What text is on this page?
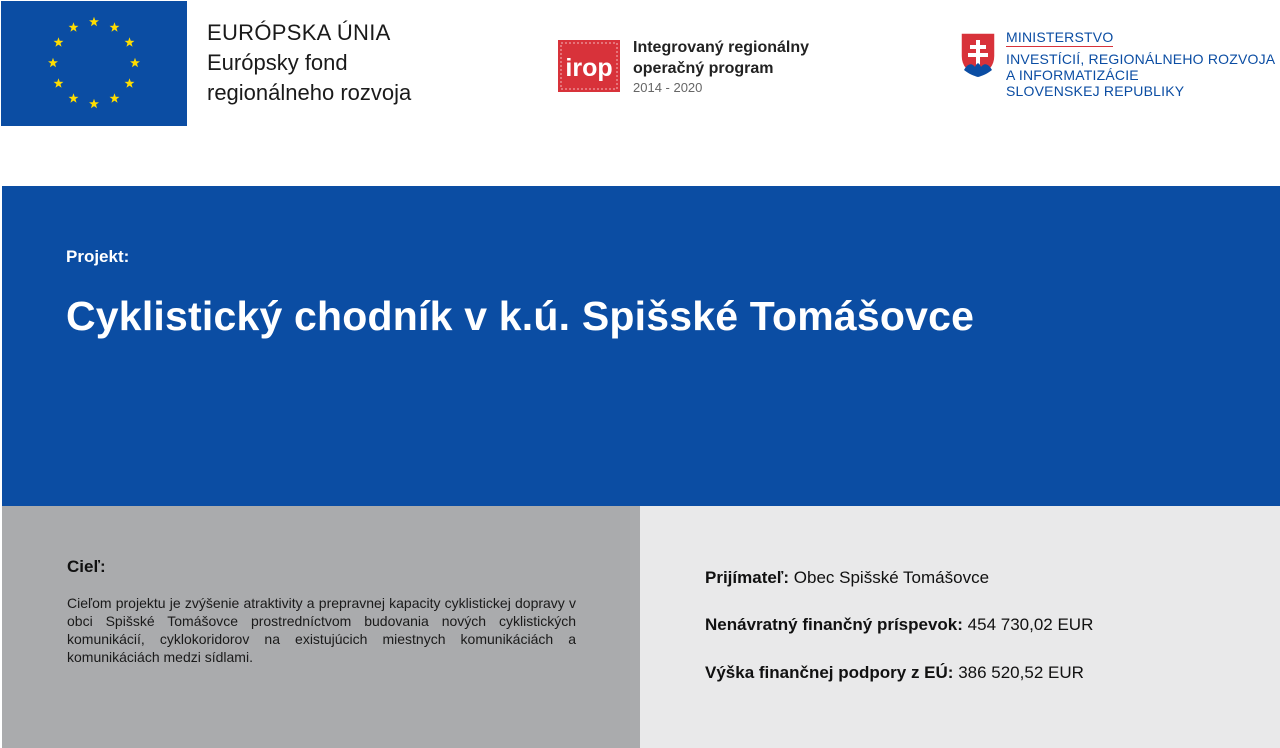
EURÓPSKA ÚNIA
Európsky fond
regionálneho rozvoja
irop
Integrovaný regionálny
operačný program
2014 - 2020
MINISTERSTVO
INVESTÍCIÍ, REGIONÁLNEHO ROZVOJA
A INFORMATIZÁCIE
SLOVENSKEJ REPUBLIKY
Projekt:
Cyklistický chodník v k.ú. Spišské Tomášovce
Cieľ:
Cieľom projektu je zvýšenie atraktivity a prepravnej kapacity cyklistickej dopravy v obci Spišské Tomášovce prostredníctvom budovania nových cyklistických komunikácií, cyklokoridorov na existujúcich miestnych komunikáciách a komunikáciách medzi sídlami.
Prijímateľ: Obec Spišské Tomášovce
Nenávratný finančný príspevok: 454 730,02 EUR
Výška finančnej podpory z EÚ: 386 520,52 EUR
